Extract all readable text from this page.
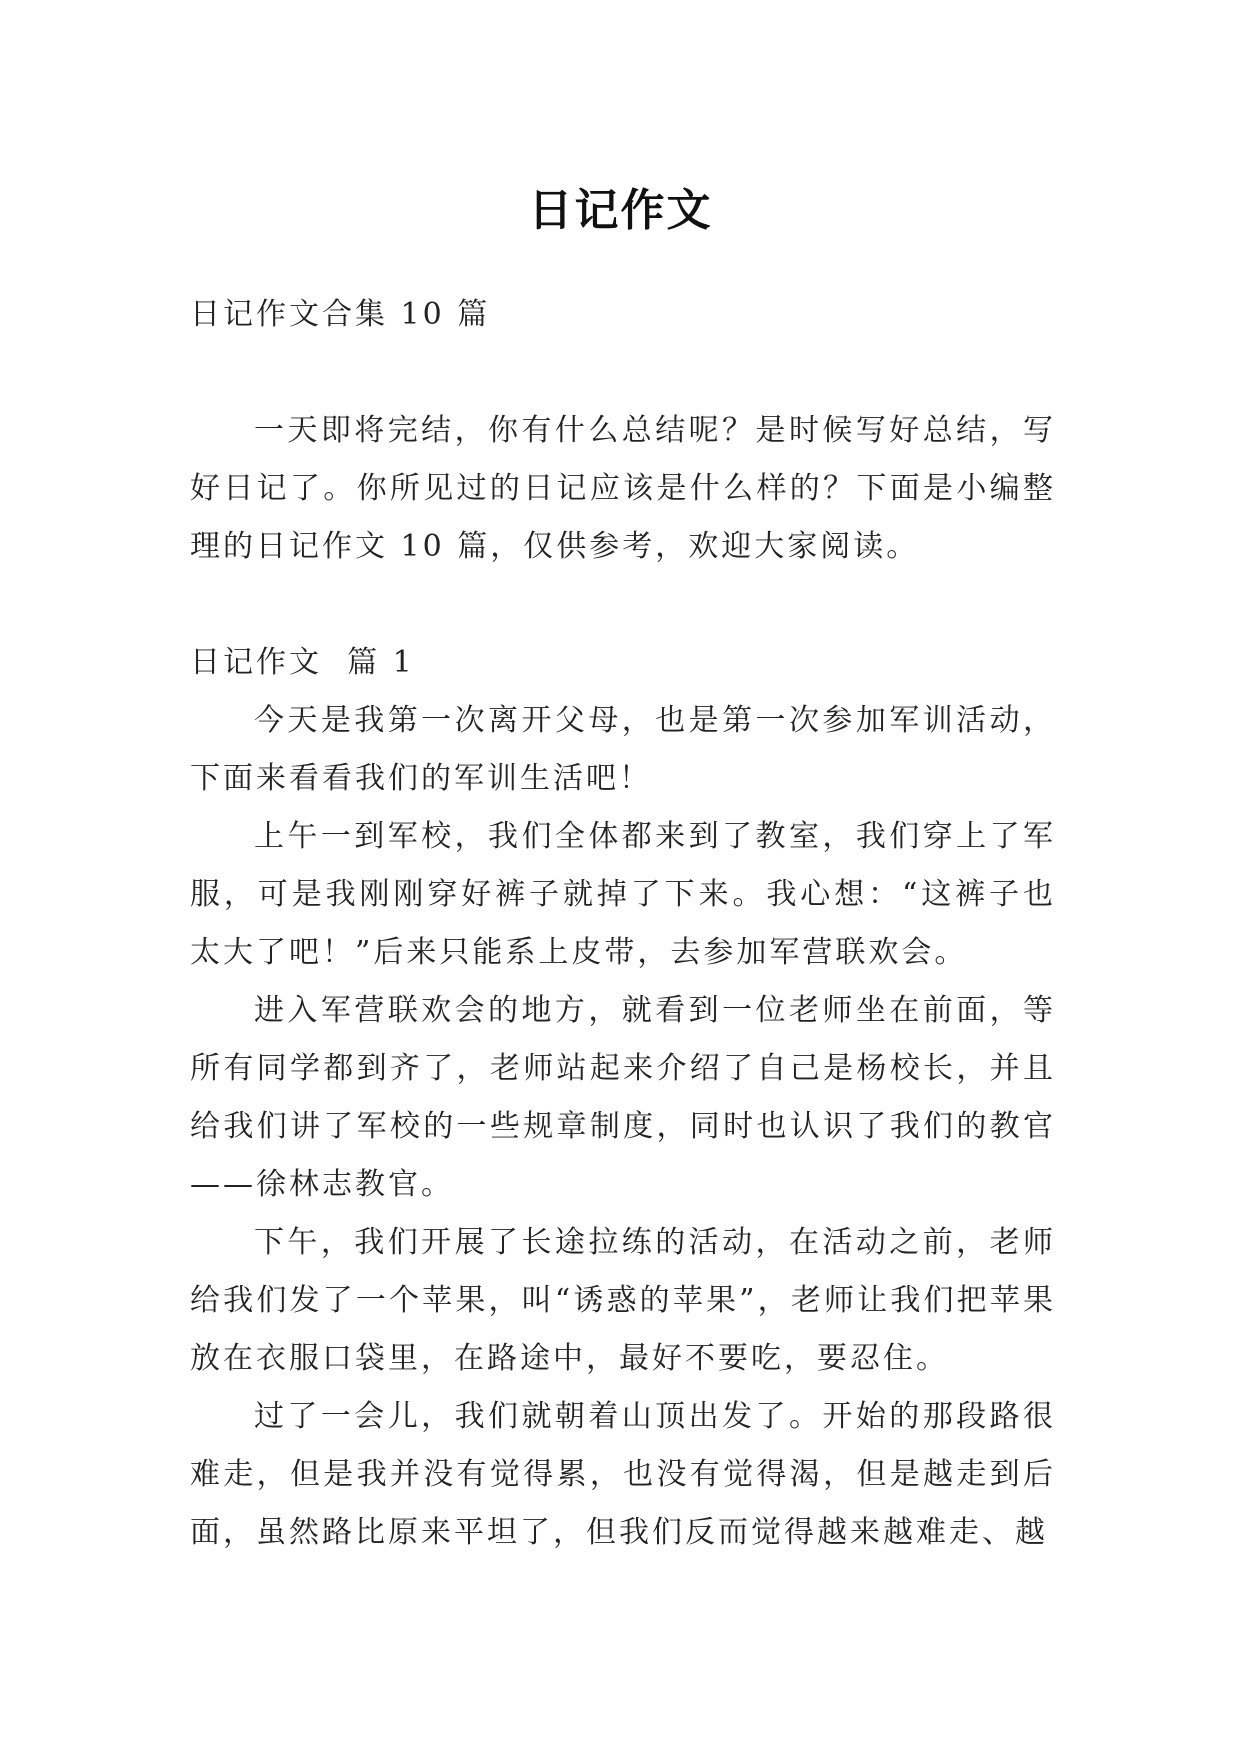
日记作文

日记作文合集 10 篇

一天即将完结，你有什么总结呢？是时候写好总结，写好日记了。你所见过的日记应该是什么样的？下面是小编整理的日记作文 10 篇，仅供参考，欢迎大家阅读。

日记作文  篇 1

今天是我第一次离开父母，也是第一次参加军训活动，下面来看看我们的军训生活吧！

上午一到军校，我们全体都来到了教室，我们穿上了军服，可是我刚刚穿好裤子就掉了下来。我心想：“这裤子也太大了吧！”后来只能系上皮带，去参加军营联欢会。

进入军营联欢会的地方，就看到一位老师坐在前面，等所有同学都到齐了，老师站起来介绍了自己是杨校长，并且给我们讲了军校的一些规章制度，同时也认识了我们的教官——徐林志教官。

下午，我们开展了长途拉练的活动，在活动之前，老师给我们发了一个苹果，叫“诱惑的苹果”，老师让我们把苹果放在衣服口袋里，在路途中，最好不要吃，要忍住。

过了一会儿，我们就朝着山顶出发了。开始的那段路很难走，但是我并没有觉得累，也没有觉得渴，但是越走到后面，虽然路比原来平坦了，但我们反而觉得越来越难走、越
